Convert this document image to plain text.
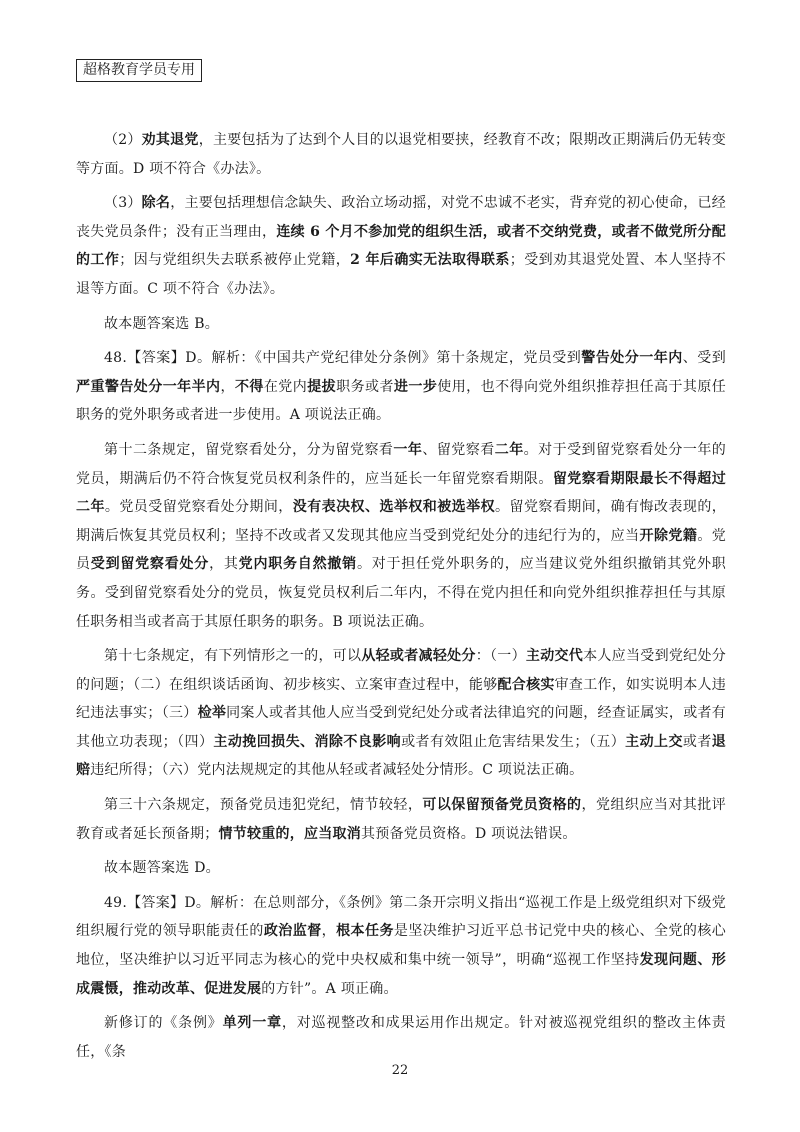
超格教育学员专用

（2）劝其退党，主要包括为了达到个人目的以退党相要挟，经教育不改；限期改正期满后仍无转变等方面。D 项不符合《办法》。

（3）除名，主要包括理想信念缺失、政治立场动摇，对党不忠诚不老实，背弃党的初心使命，已经丧失党员条件；没有正当理由，连续 6 个月不参加党的组织生活，或者不交纳党费，或者不做党所分配的工作；因与党组织失去联系被停止党籍，2 年后确实无法取得联系；受到劝其退党处置、本人坚持不退等方面。C 项不符合《办法》。

故本题答案选 B。

48.【答案】D。解析：《中国共产党纪律处分条例》第十条规定，党员受到警告处分一年内、受到严重警告处分一年半内，不得在党内提拔职务或者进一步使用，也不得向党外组织推荐担任高于其原任职务的党外职务或者进一步使用。A 项说法正确。

第十二条规定，留党察看处分，分为留党察看一年、留党察看二年。对于受到留党察看处分一年的党员，期满后仍不符合恢复党员权利条件的，应当延长一年留党察看期限。留党察看期限最长不得超过二年。党员受留党察看处分期间，没有表决权、选举权和被选举权。留党察看期间，确有悔改表现的，期满后恢复其党员权利；坚持不改或者又发现其他应当受到党纪处分的违纪行为的，应当开除党籍。党员受到留党察看处分，其党内职务自然撤销。对于担任党外职务的，应当建议党外组织撤销其党外职务。受到留党察看处分的党员，恢复党员权利后二年内，不得在党内担任和向党外组织推荐担任与其原任职务相当或者高于其原任职务的职务。B 项说法正确。

第十七条规定，有下列情形之一的，可以从轻或者减轻处分：（一）主动交代本人应当受到党纪处分的问题；（二）在组织谈话函询、初步核实、立案审查过程中，能够配合核实审查工作，如实说明本人违纪违法事实；（三）检举同案人或者其他人应当受到党纪处分或者法律追究的问题，经查证属实，或者有其他立功表现；（四）主动挽回损失、消除不良影响或者有效阻止危害结果发生；（五）主动上交或者退赔违纪所得；（六）党内法规规定的其他从轻或者减轻处分情形。C 项说法正确。

第三十六条规定，预备党员违犯党纪，情节较轻，可以保留预备党员资格的，党组织应当对其批评教育或者延长预备期；情节较重的，应当取消其预备党员资格。D 项说法错误。

故本题答案选 D。

49.【答案】D。解析：在总则部分，《条例》第二条开宗明义指出“巡视工作是上级党组织对下级党组织履行党的领导职能责任的政治监督，根本任务是坚决维护习近平总书记党中央的核心、全党的核心地位，坚决维护以习近平同志为核心的党中央权威和集中统一领导”，明确“巡视工作坚持发现问题、形成震慑，推动改革、促进发展的方针”。A 项正确。

新修订的《条例》单列一章，对巡视整改和成果运用作出规定。针对被巡视党组织的整改主体责任，《条

22
